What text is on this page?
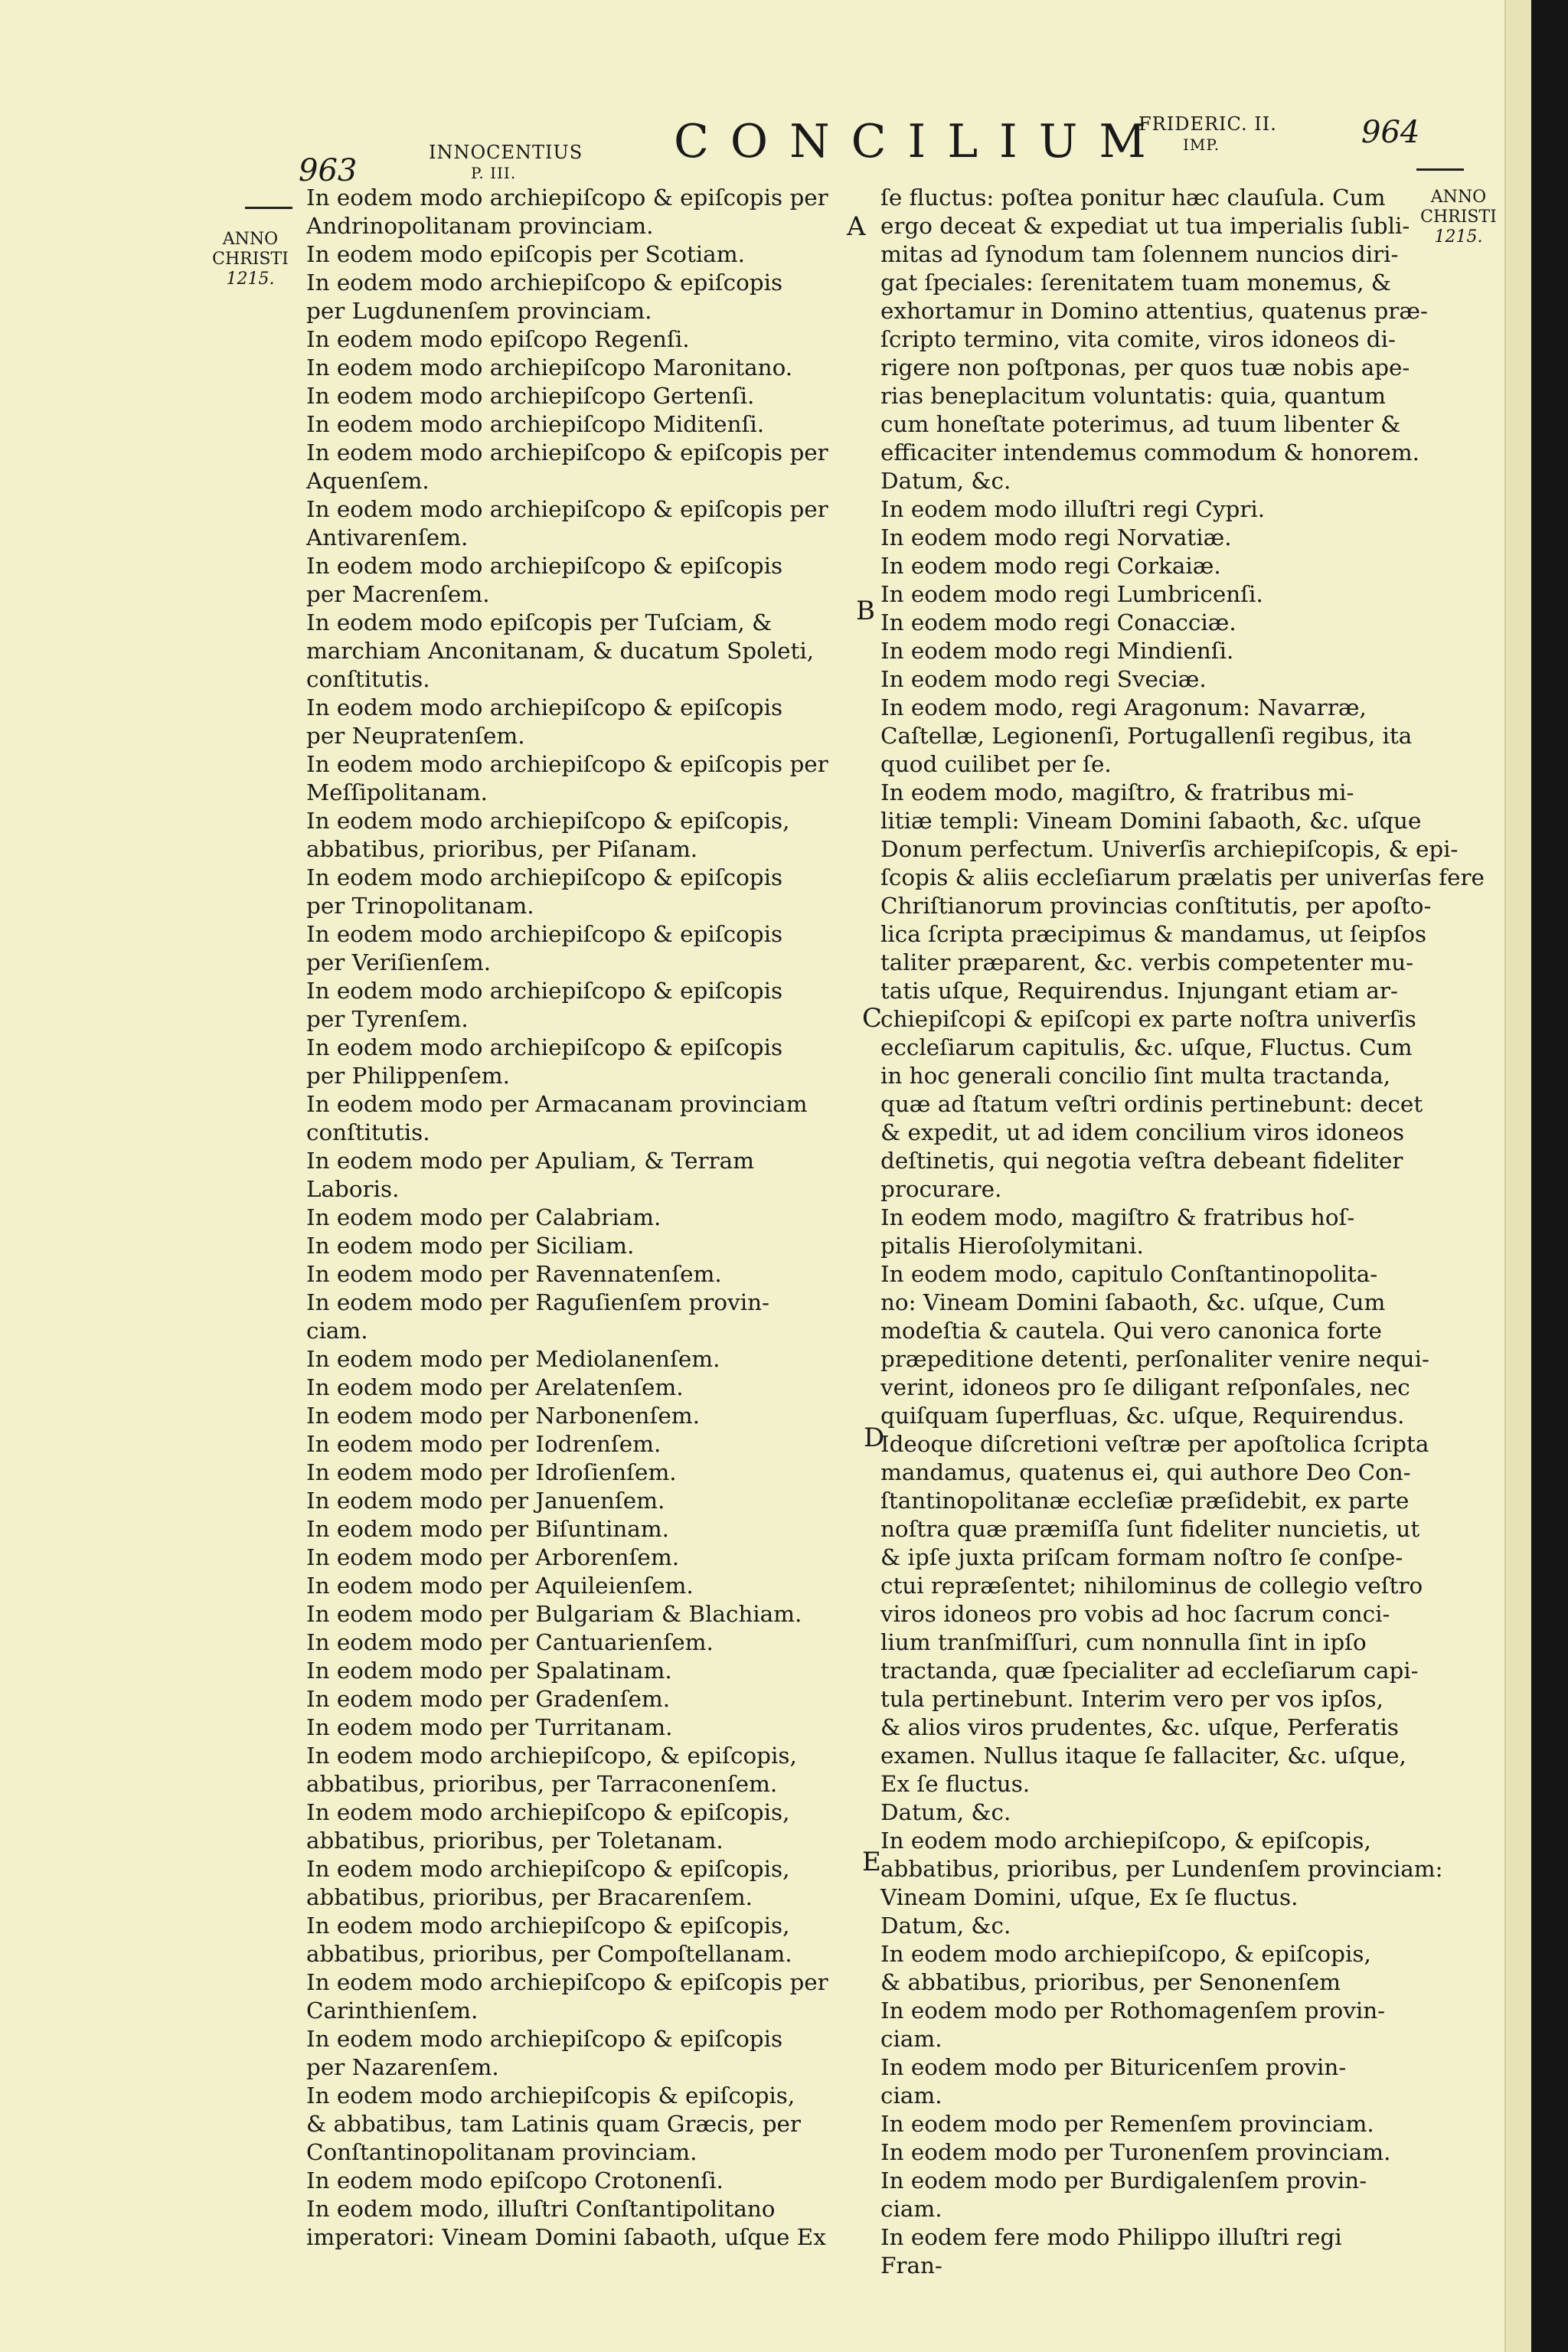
963
INNOCENTIUS
P. III.
CONCILIUM
FRIDERIC. II.
IMP.	964
ANNO
CHRISTI
1215.
ANNO
CHRISTI
1215.
A
B
C
D
E

In eodem modo archiepiſcopo & epiſcopis per

Andrinopolitanam provinciam.

In eodem modo epiſcopis per Scotiam.

In eodem modo archiepiſcopo & epiſcopis

per Lugdunenſem provinciam.

In eodem modo epiſcopo Regenſi.

In eodem modo archiepiſcopo Maronitano.

In eodem modo archiepiſcopo Gertenſi.

In eodem modo archiepiſcopo Miditenſi.

In eodem modo archiepiſcopo & epiſcopis per

Aquenſem.

In eodem modo archiepiſcopo & epiſcopis per

Antivarenſem.

In eodem modo archiepiſcopo & epiſcopis

per Macrenſem.

In eodem modo epiſcopis per Tuſciam, &

marchiam Anconitanam, & ducatum Spoleti,

conſtitutis.

In eodem modo archiepiſcopo & epiſcopis

per Neupratenſem.

In eodem modo archiepiſcopo & epiſcopis per

Meſſipolitanam.

In eodem modo archiepiſcopo & epiſcopis,

abbatibus, prioribus, per Piſanam.

In eodem modo archiepiſcopo & epiſcopis

per Trinopolitanam.

In eodem modo archiepiſcopo & epiſcopis

per Veriſienſem.

In eodem modo archiepiſcopo & epiſcopis

per Tyrenſem.

In eodem modo archiepiſcopo & epiſcopis

per Philippenſem.

In eodem modo per Armacanam provinciam

conſtitutis.

In eodem modo per Apuliam, & Terram

Laboris.

In eodem modo per Calabriam.

In eodem modo per Siciliam.

In eodem modo per Ravennatenſem.

In eodem modo per Raguſienſem provin-

ciam.

In eodem modo per Mediolanenſem.

In eodem modo per Arelatenſem.

In eodem modo per Narbonenſem.

In eodem modo per Iodrenſem.

In eodem modo per Idroſienſem.

In eodem modo per Januenſem.

In eodem modo per Biſuntinam.

In eodem modo per Arborenſem.

In eodem modo per Aquileienſem.

In eodem modo per Bulgariam & Blachiam.

In eodem modo per Cantuarienſem.

In eodem modo per Spalatinam.

In eodem modo per Gradenſem.

In eodem modo per Turritanam.

In eodem modo archiepiſcopo, & epiſcopis,

abbatibus, prioribus, per Tarraconenſem.

In eodem modo archiepiſcopo & epiſcopis,

abbatibus, prioribus, per Toletanam.

In eodem modo archiepiſcopo & epiſcopis,

abbatibus, prioribus, per Bracarenſem.

In eodem modo archiepiſcopo & epiſcopis,

abbatibus, prioribus, per Compoſtellanam.

In eodem modo archiepiſcopo & epiſcopis per

Carinthienſem.

In eodem modo archiepiſcopo & epiſcopis

per Nazarenſem.

In eodem modo archiepiſcopis & epiſcopis,

& abbatibus, tam Latinis quam Græcis, per

Conſtantinopolitanam provinciam.

In eodem modo epiſcopo Crotonenſi.

In eodem modo, illuſtri Conſtantipolitano

imperatori: Vineam Domini ſabaoth, uſque Ex

ſe fluctus: poſtea ponitur hæc clauſula. Cum

ergo deceat & expediat ut tua imperialis ſubli-

mitas ad ſynodum tam ſolennem nuncios diri-

gat ſpeciales: ſerenitatem tuam monemus, &

exhortamur in Domino attentius, quatenus præ-

ſcripto termino, vita comite, viros idoneos di-

rigere non poſtponas, per quos tuæ nobis ape-

rias beneplacitum voluntatis: quia, quantum

cum honeſtate poterimus, ad tuum libenter &

efficaciter intendemus commodum & honorem.

Datum, &c.

In eodem modo illuſtri regi Cypri.

In eodem modo regi Norvatiæ.

In eodem modo regi Corkaiæ.

In eodem modo regi Lumbricenſi.

In eodem modo regi Conacciæ.

In eodem modo regi Mindienſi.

In eodem modo regi Sveciæ.

In eodem modo, regi Aragonum: Navarræ,

Caſtellæ, Legionenſi, Portugallenſi regibus, ita

quod cuilibet per ſe.

In eodem modo, magiſtro, & fratribus mi-

litiæ templi: Vineam Domini ſabaoth, &c. uſque

Donum perfectum. Univerſis archiepiſcopis, & epi-

ſcopis & aliis eccleſiarum prælatis per univerſas fere

Chriſtianorum provincias conſtitutis, per apoſto-

lica ſcripta præcipimus & mandamus, ut ſeipſos

taliter præparent, &c. verbis competenter mu-

tatis uſque, Requirendus. Injungant etiam ar-

chiepiſcopi & epiſcopi ex parte noſtra univerſis

eccleſiarum capitulis, &c. uſque, Fluctus. Cum

in hoc generali concilio ſint multa tractanda,

quæ ad ſtatum veſtri ordinis pertinebunt: decet

& expedit, ut ad idem concilium viros idoneos

deſtinetis, qui negotia veſtra debeant fideliter

procurare.

In eodem modo, magiſtro & fratribus hoſ-

pitalis Hieroſolymitani.

In eodem modo, capitulo Conſtantinopolita-

no: Vineam Domini ſabaoth, &c. uſque, Cum

modeſtia & cautela. Qui vero canonica forte

præpeditione detenti, perſonaliter venire nequi-

verint, idoneos pro ſe diligant reſponſales, nec

quiſquam ſuperfluas, &c. uſque, Requirendus.

Ideoque diſcretioni veſtræ per apoſtolica ſcripta

mandamus, quatenus ei, qui authore Deo Con-

ſtantinopolitanæ eccleſiæ præſidebit, ex parte

noſtra quæ præmiſſa ſunt fideliter nuncietis, ut

& ipſe juxta priſcam formam noſtro ſe conſpe-

ctui repræſentet; nihilominus de collegio veſtro

viros idoneos pro vobis ad hoc ſacrum conci-

lium tranſmiſſuri, cum nonnulla ſint in ipſo

tractanda, quæ ſpecialiter ad eccleſiarum capi-

tula pertinebunt. Interim vero per vos ipſos,

& alios viros prudentes, &c. uſque, Perferatis

examen. Nullus itaque ſe fallaciter, &c. uſque,

Ex ſe fluctus.

Datum, &c.

In eodem modo archiepiſcopo, & epiſcopis,

abbatibus, prioribus, per Lundenſem provinciam:

Vineam Domini, uſque, Ex ſe fluctus.

Datum, &c.

In eodem modo archiepiſcopo, & epiſcopis,

& abbatibus, prioribus, per Senonenſem

In eodem modo per Rothomagenſem provin-

ciam.

In eodem modo per Bituricenſem provin-

ciam.

In eodem modo per Remenſem provinciam.

In eodem modo per Turonenſem provinciam.

In eodem modo per Burdigalenſem provin-

ciam.

In eodem fere modo Philippo illuſtri regi

Fran-
